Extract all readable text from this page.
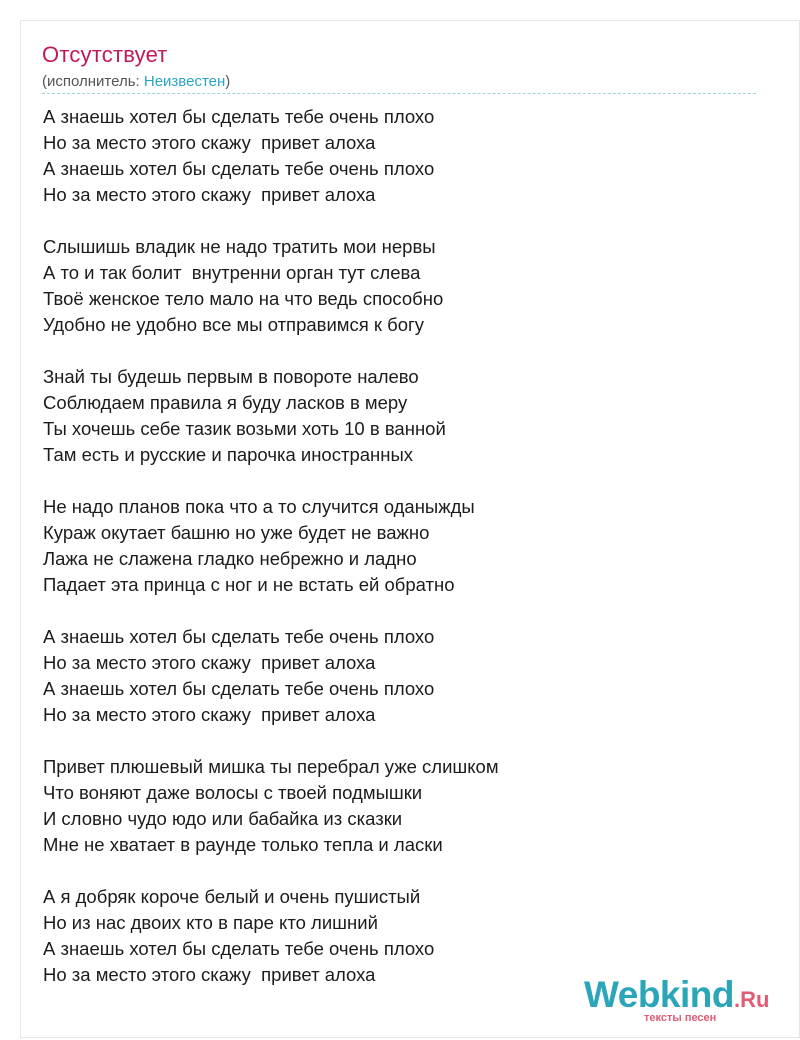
Отсутствует
(исполнитель: Неизвестен)
А знаешь хотел бы сделать тебе очень плохо
Но за место этого скажу  привет алоха
А знаешь хотел бы сделать тебе очень плохо
Но за место этого скажу  привет алоха
Слышишь владик не надо тратить мои нервы
А то и так болит  внутренни орган тут слева
Твоё женское тело мало на что ведь способно
Удобно не удобно все мы отправимся к богу
Знай ты будешь первым в повороте налево
Соблюдаем правила я буду ласков в меру
Ты хочешь себе тазик возьми хоть 10 в ванной
Там есть и русские и парочка иностранных
Не надо планов пока что а то случится оданыжды
Кураж окутает башню но уже будет не важно
Лажа не слажена гладко небрежно и ладно
Падает эта принца с ног и не встать ей обратно
А знаешь хотел бы сделать тебе очень плохо
Но за место этого скажу  привет алоха
А знаешь хотел бы сделать тебе очень плохо
Но за место этого скажу  привет алоха
Привет плюшевый мишка ты перебрал уже слишком
Что воняют даже волосы с твоей подмышки
И словно чудо юдо или бабайка из сказки
Мне не хватает в раунде только тепла и ласки
А я добряк короче белый и очень пушистый
Но из нас двоих кто в паре кто лишний
А знаешь хотел бы сделать тебе очень плохо
Но за место этого скажу  привет алоха	Webkind.Ru
тексты песен
